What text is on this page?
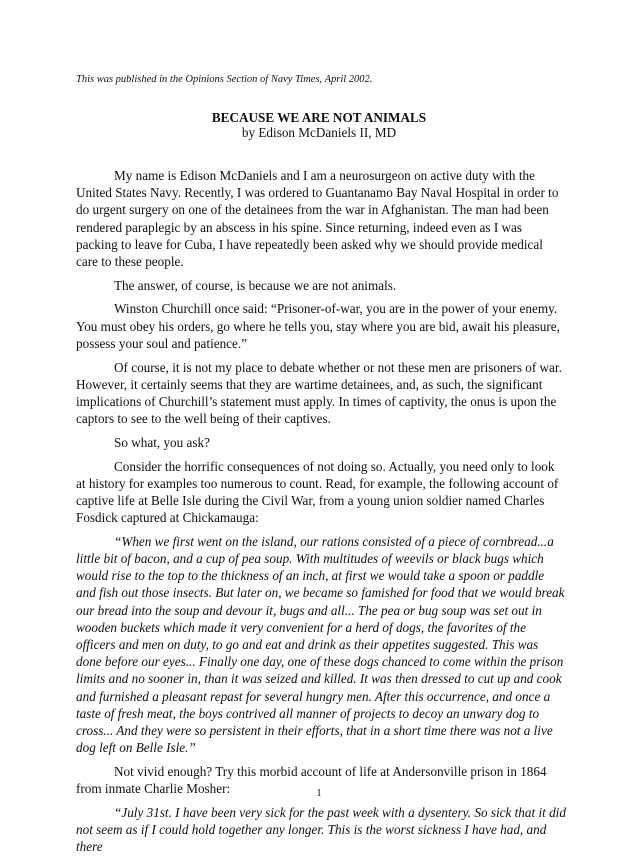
This was published in the Opinions Section of Navy Times, April 2002.
BECAUSE WE ARE NOT ANIMALS
by Edison McDaniels II, MD

My name is Edison McDaniels and I am a neurosurgeon on active duty with the United States Navy. Recently, I was ordered to Guantanamo Bay Naval Hospital in order to do urgent surgery on one of the detainees from the war in Afghanistan. The man had been rendered paraplegic by an abscess in his spine. Since returning, indeed even as I was packing to leave for Cuba, I have repeatedly been asked why we should provide medical care to these people.

The answer, of course, is because we are not animals.

Winston Churchill once said: “Prisoner-of-war, you are in the power of your enemy. You must obey his orders, go where he tells you, stay where you are bid, await his pleasure, possess your soul and patience.”

Of course, it is not my place to debate whether or not these men are prisoners of war. However, it certainly seems that they are wartime detainees, and, as such, the significant implications of Churchill’s statement must apply. In times of captivity, the onus is upon the captors to see to the well being of their captives.

So what, you ask?

Consider the horrific consequences of not doing so. Actually, you need only to look at history for examples too numerous to count. Read, for example, the following account of captive life at Belle Isle during the Civil War, from a young union soldier named Charles Fosdick captured at Chickamauga:

“When we first went on the island, our rations consisted of a piece of cornbread...a little bit of bacon, and a cup of pea soup. With multitudes of weevils or black bugs which would rise to the top to the thickness of an inch, at first we would take a spoon or paddle and fish out those insects. But later on, we became so famished for food that we would break our bread into the soup and devour it, bugs and all... The pea or bug soup was set out in wooden buckets which made it very convenient for a herd of dogs, the favorites of the officers and men on duty, to go and eat and drink as their appetites suggested. This was done before our eyes... Finally one day, one of these dogs chanced to come within the prison limits and no sooner in, than it was seized and killed. It was then dressed to cut up and cook and furnished a pleasant repast for several hungry men. After this occurrence, and once a taste of fresh meat, the boys contrived all manner of projects to decoy an unwary dog to cross... And they were so persistent in their efforts, that in a short time there was not a live dog left on Belle Isle.”

Not vivid enough? Try this morbid account of life at Andersonville prison in 1864 from inmate Charlie Mosher:

“July 31st. I have been very sick for the past week with a dysentery. So sick that it did not seem as if I could hold together any longer. This is the worst sickness I have had, and there

1
